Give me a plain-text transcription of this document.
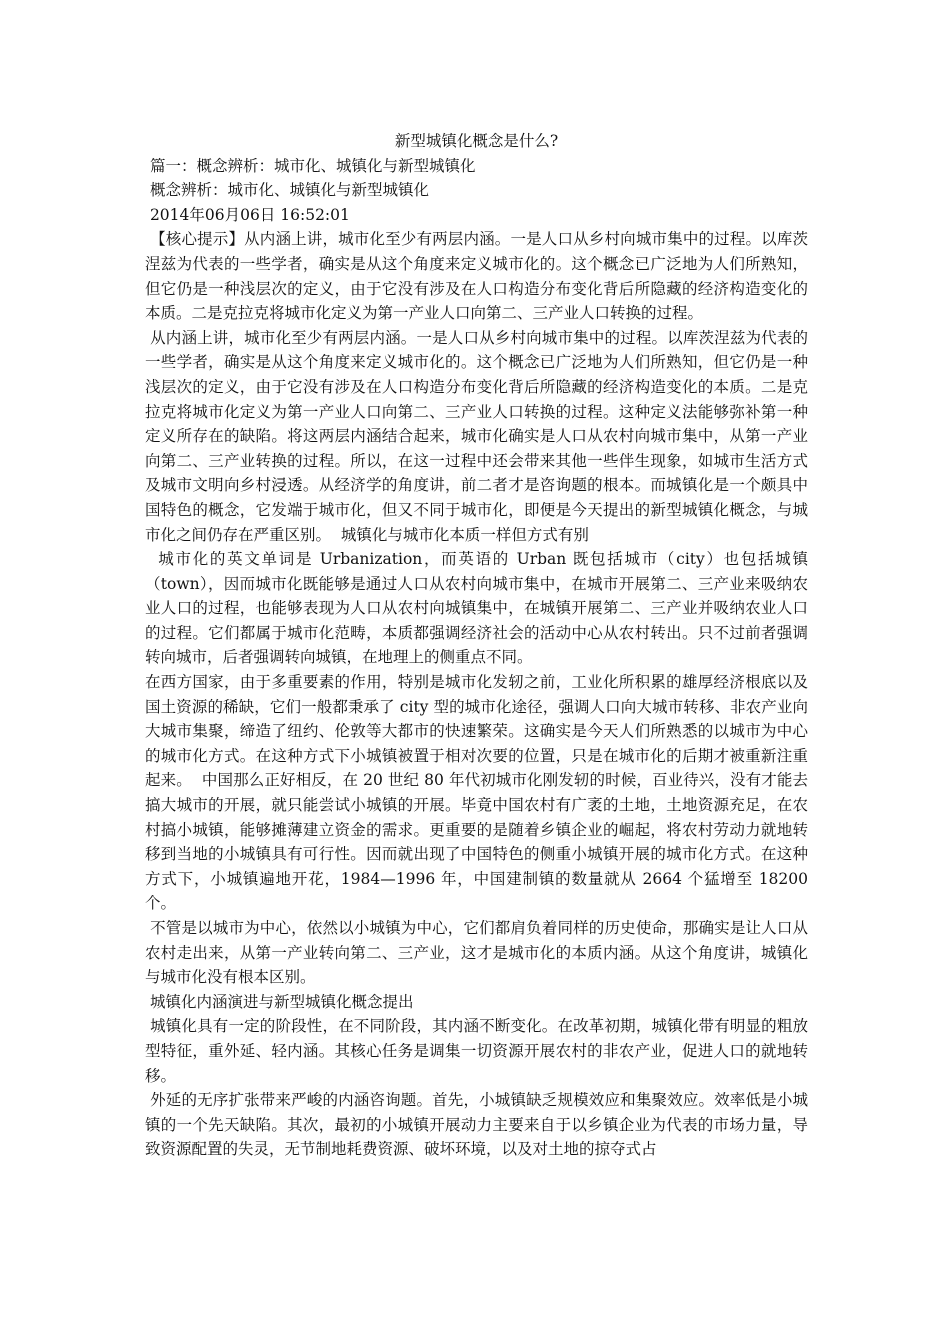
新型城镇化概念是什么?

篇一：概念辨析：城市化、城镇化与新型城镇化

概念辨析：城市化、城镇化与新型城镇化

2014年06月06日 16:52:01

【核心提示】从内涵上讲，城市化至少有两层内涵。一是人口从乡村向城市集中的过程。以库茨涅兹为代表的一些学者，确实是从这个角度来定义城市化的。这个概念已广泛地为人们所熟知，但它仍是一种浅层次的定义，由于它没有涉及在人口构造分布变化背后所隐藏的经济构造变化的本质。二是克拉克将城市化定义为第一产业人口向第二、三产业人口转换的过程。

从内涵上讲，城市化至少有两层内涵。一是人口从乡村向城市集中的过程。以库茨涅兹为代表的一些学者，确实是从这个角度来定义城市化的。这个概念已广泛地为人们所熟知，但它仍是一种浅层次的定义，由于它没有涉及在人口构造分布变化背后所隐藏的经济构造变化的本质。二是克拉克将城市化定义为第一产业人口向第二、三产业人口转换的过程。这种定义法能够弥补第一种定义所存在的缺陷。将这两层内涵结合起来，城市化确实是人口从农村向城市集中，从第一产业向第二、三产业转换的过程。所以，在这一过程中还会带来其他一些伴生现象，如城市生活方式及城市文明向乡村浸透。从经济学的角度讲，前二者才是咨询题的根本。而城镇化是一个颇具中国特色的概念，它发端于城市化，但又不同于城市化，即便是今天提出的新型城镇化概念，与城市化之间仍存在严重区别。  城镇化与城市化本质一样但方式有别

城市化的英文单词是 Urbanization，而英语的 Urban 既包括城市（city）也包括城镇（town），因而城市化既能够是通过人口从农村向城市集中，在城市开展第二、三产业来吸纳农业人口的过程，也能够表现为人口从农村向城镇集中，在城镇开展第二、三产业并吸纳农业人口的过程。它们都属于城市化范畴，本质都强调经济社会的活动中心从农村转出。只不过前者强调转向城市，后者强调转向城镇，在地理上的侧重点不同。

在西方国家，由于多重要素的作用，特别是城市化发轫之前，工业化所积累的雄厚经济根底以及国土资源的稀缺，它们一般都秉承了 city 型的城市化途径，强调人口向大城市转移、非农产业向大城市集聚，缔造了纽约、伦敦等大都市的快速繁荣。这确实是今天人们所熟悉的以城市为中心的城市化方式。在这种方式下小城镇被置于相对次要的位置，只是在城市化的后期才被重新注重起来。  中国那么正好相反，在 20 世纪 80 年代初城市化刚发轫的时候，百业待兴，没有才能去搞大城市的开展，就只能尝试小城镇的开展。毕竟中国农村有广袤的土地，土地资源充足，在农村搞小城镇，能够摊薄建立资金的需求。更重要的是随着乡镇企业的崛起，将农村劳动力就地转移到当地的小城镇具有可行性。因而就出现了中国特色的侧重小城镇开展的城市化方式。在这种方式下，小城镇遍地开花，1984—1996 年，中国建制镇的数量就从 2664 个猛增至 18200 个。

不管是以城市为中心，依然以小城镇为中心，它们都肩负着同样的历史使命，那确实是让人口从农村走出来，从第一产业转向第二、三产业，这才是城市化的本质内涵。从这个角度讲，城镇化与城市化没有根本区别。

城镇化内涵演进与新型城镇化概念提出

城镇化具有一定的阶段性，在不同阶段，其内涵不断变化。在改革初期，城镇化带有明显的粗放型特征，重外延、轻内涵。其核心任务是调集一切资源开展农村的非农产业，促进人口的就地转移。

外延的无序扩张带来严峻的内涵咨询题。首先，小城镇缺乏规模效应和集聚效应。效率低是小城镇的一个先天缺陷。其次，最初的小城镇开展动力主要来自于以乡镇企业为代表的市场力量，导致资源配置的失灵，无节制地耗费资源、破坏环境，以及对土地的掠夺式占
